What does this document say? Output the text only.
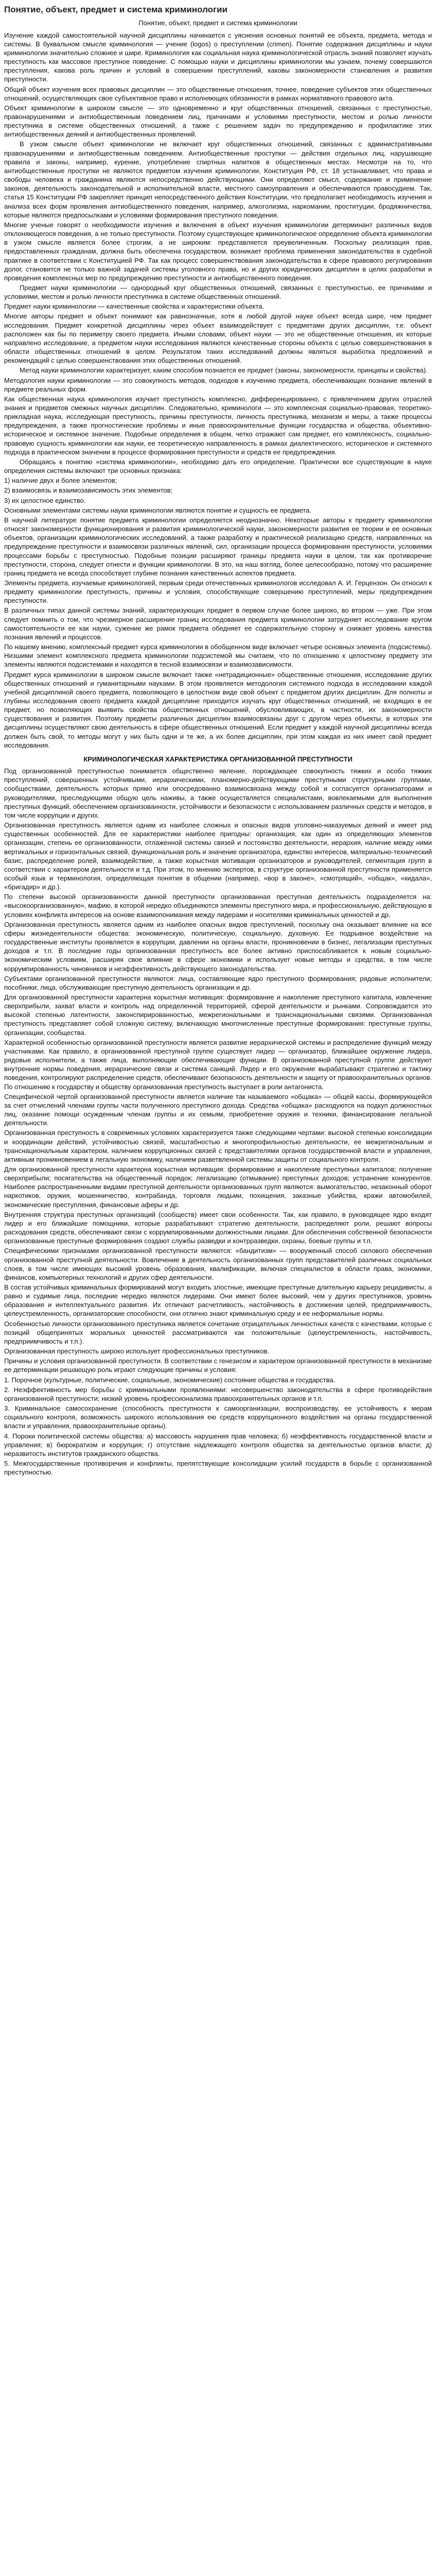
Понятие, объект, предмет и система криминологии
Понятие, объект, предмет и система криминологии
Изучение каждой самостоятельной научной дисциплины начинается с уяснения основных понятий ее объекта, предмета, метода и системы. В буквальном смысле криминология — учение (logos) о преступлении (crimen). Понятие содержания дисциплины и науки криминологии значительно сложнее и шире. Криминология как социальная наука криминологической отрасль знаний позволяет изучать преступность как массовое преступное поведение. С помощью науки и дисциплины криминологии мы узнаем, почему совершаются преступления, какова роль причин и условий в совершении преступлений, каковы закономерности становления и развития преступности.
Общий объект изучения всех правовых дисциплин — это общественные отношения, точнее, поведение субъектов этих общественных отношений, осуществляющих свое субъективное право и исполняющих обязанности в рамках нормативного правового акта.
Объект криминологии в широком смысле — это одновременно и круг общественных отношений, связанных с преступностью, правонарушениями и антиобщественным поведением лиц, причинами и условиями преступности, местом и ролью личности преступника в системе общественных отношений, а также с решением задач по предупреждению и профилактике этих антиобщественных деяний и антиобщественных проявлений.
В узком смысле объект криминологии не включает круг общественных отношений, связанных с административными правонарушениями и антиобщественным поведением. Антиобщественные проступки — действия отдельных лиц, нарушающие правила и законы, например, курение, употребление спиртных напитков в общественных местах. Несмотря на то, что антиобщественные проступки не являются предметом изучения криминологии, Конституция РФ, ст. 18 устанавливает, что права и свободы человека и гражданина являются непосредственно действующими. Они определяют смысл, содержание и применение законов, деятельность законодательной и исполнительной власти, местного самоуправления и обеспечиваются правосудием. Так, статья 15 Конституции РФ закрепляет принцип непосредственного действия Конституции, что предполагает необходимость изучения и анализа всех форм проявления антиобщественного поведения, например, алкоголизма, наркомании, проституции, бродяжничества, которые являются предпосылками и условиями формирования преступного поведения.
Многие ученые говорят о необходимости изучения и включения в объект изучения криминологии детерминант различных видов отклоняющегося поведения, а не только преступности. Поэтому существующее криминологическое определение объекта криминологии в узком смысле является более строгим, а не широким: представляется преувеличенным. Поскольку реализация прав, предоставленных гражданам, должна быть обеспечена государством, возникает проблема применения законодательства в судебной практике в соответствии с Конституцией РФ. Так как процесс совершенствования законодательства в сфере правового регулирования долог, становится не только важной задачей системы уголовного права, но и других юридических дисциплин в целях разработки и проведения комплексных мер по предупреждению преступности и антиобщественного поведения.
Предмет науки криминологии — однородный круг общественных отношений, связанных с преступностью, ее причинами и условиями, местом и ролью личности преступника в системе общественных отношений.
Предмет науки криминологии — качественные свойства и характеристики объекта.
Многие авторы предмет и объект понимают как равнозначные, хотя в любой другой науке объект всегда шире, чем предмет исследования. Предмет конкретной дисциплины через объект взаимодействует с предметами других дисциплин, т.е. объект расположен как бы по периметру своего предмета. Иными словами, объект науки — это не общественные отношения, их которые направлено исследование, а предметом науки исследования являются качественные стороны объекта с целью совершенствования в области общественных отношений в целом. Результатом таких исследований должны являться выработка предложений и рекомендаций с целью совершенствования этих общественных отношений.
Метод науки криминологии характеризует, каким способом познается ее предмет (законы, закономерности, принципы и свойства).
Методология науки криминологии — это совокупность методов, подходов к изучению предмета, обеспечивающих познание явлений в предмете реальных форм.
Как общественная наука криминология изучает преступность комплексно, дифференцированно, с привлечением других отраслей знания и предметов смежных научных дисциплин. Следовательно, криминологи — это комплексная социально-правовая, теоретико-прикладная наука, исследующая преступность, причины преступности, личность преступника, механизм и меры, а также процессы предупреждения, а также прогностические проблемы и иные правоохранительные функции государства и общества, объективно-историческое и системное значение. Подобные определения в общем, четко отражают сам предмет, его комплексность, социально-правовую сущность криминологии как науки, ее теоретическую направленность в рамках диалектического, историческое и системного подхода в практическом значении в процессе формирования преступности и средств ее предупреждения.
Обращаясь к понятию «система криминологии», необходимо дать его определение. Практически все существующие в науке определения системы включают три основных признака:
1) наличие двух и более элементов;
2) взаимосвязь и взаимозависимость этих элементов;
3) их целостное единство.
Основными элементами системы науки криминологии являются понятие и сущность ее предмета.
В научной литературе понятие предмета криминологии определяется неоднозначно. Некоторые авторы к предмету криминологии относят закономерности функционирования и развития криминологической науки, закономерности развития ее теории и ее основных объектов, организации криминологических исследований, а также разработку и практической реализацию средств, направленных на предупреждение преступности и взаимосвязи различных явлений, сил, организации процесса формирования преступности, условиями процессами борьбы с преступностью. Подобные позиции расширяют границы предмета науки в целом, так как противоречие преступности, сторона, следует отнести и функции криминологии. В это, на наш взгляд, более целесообразно, потому что расширение границ предмета не всегда способствует глубине познания качественных аспектов предмета.
Элементы предмета, изучаемые криминологией, первым среди отечественных криминологов исследовал А. И. Герцензон. Он относил к предмету криминологии преступность, причины и условия, способствующие совершению преступлений, меры предупреждения преступности.
В различных типах данной системы знаний, характеризующих предмет в первом случае более широко, во втором — уже. При этом следует помнить о том, что чрезмерное расширение границ исследования предмета криминологии затрудняет исследование кругом самостоятельности ее как науки, сужение же рамок предмета обедняет ее содержательную сторону и снижает уровень качества познания явлений и процессов.
По нашему мнению, комплексный предмет курса криминологии в обобщенном виде включает четыре основных элемента (подсистемы). Низшими элемент комплексного предмета криминологии подсистемой мы считаем, что по отношению к целостному предмету эти элементы являются подсистемами и находятся в тесной взаимосвязи и взаимозависимости.
Предмет курса криминологии в широком смысле включает также «нетрадиционные» общественные отношения, исследование других общественных отношений и гуманитарными науками. В этом проявляется методология системного подхода в исследовании каждой учебной дисциплиной своего предмета, позволяющего в целостном виде свой объект с предметом других дисциплин. Для полноты и глубины исследования своего предмета каждой дисциплине приходится изучать круг общественных отношений, не входящих в ее предмет, но позволяющих выявить свойства общественных отношений, обусловливающих, в частности, их закономерности существования и развития. Поэтому предметы различных дисциплин взаимосвязаны друг с другом через объекты, в которых эти дисциплины осуществляют свою деятельность в сфере общественных отношений. Если предмет у каждой научной дисциплины всегда должен быть свой, то методы могут у них быть одни и те же, а их более дисциплин, при этом каждая из них имеет свой предмет исследования.
КРИМИНОЛОГИЧЕСКАЯ ХАРАКТЕРИСТИКА ОРГАНИЗОВАННОЙ ПРЕСТУПНОСТИ
Под организованной преступностью понимается общественно явление, порождающее совокупность тяжких и особо тяжких преступлений, совершенных устойчивыми, иерархическими, планомерно-действующими преступными структурными группами, сообществами, деятельность которых прямо или опосредованно взаимосвязана между собой и согласуется организаторами и руководителями, преследующими общую цель наживы, а также осуществляется специалистами, вовлекаемыми для выполнения преступных функций, обеспечением организованности, устойчивости и безопасности с использованием различных средств и методов, в том числе коррупции и других.
Организованная преступность является одним из наиболее сложных и опасных видов уголовно-наказуемых деяний и имеет ряд существенных особенностей. Для ее характеристики наиболее пригодны: организация, как один из определяющих элементов организации, степень ее организованности, отлаженной системы связей и постоянство деятельности, иерархия, наличие между ними вертикальных и горизонтальных связей, функциональная роль и значение организатора, единство интересов, материально-технический базис, распределение ролей, взаимодействие, а также корыстная мотивация организаторов и руководителей, сегментация групп в соответствии с характером деятельности и т.д. При этом, по мнению экспертов, в структуре организованной преступности применяется особый язык и терминология, определяющая понятия в общении (например, «вор в законе», «смотрящий», «общак», «кидала», «бригадир» и др.).
По степени высокой организованности данной преступности организованная преступная деятельность подразделяется на: «высокоорганизованную», мафию, в которой нередко объединяются элементы преступного мира, и профессиональную, действующую в условиях конфликта интересов на основе взаимопонимания между лидерами и носителями криминальных ценностей и др.
Организованная преступность является одним из наиболее опасных видов преступлений, поскольку она оказывает влияние на все сферы жизнедеятельности общества: экономическую, политическую, социальную, духовную. Ее подрывное воздействие на государственные институты проявляется в коррупции, давлении на органы власти, проникновении в бизнес, легализации преступных доходов и т.п. В последние годы организованная преступность все более активно приспосабливается к новым социально-экономическим условиям, расширяя свое влияние в сфере экономики и использует новые методы и средства, в том числе коррумпированность чиновников и неэффективность действующего законодательства.
Субъектами организованной преступности являются: лица, составляющие ядро преступного формирования; рядовые исполнители; пособники; лица, обслуживающие преступную деятельность организации и др.
Для организованной преступности характерна корыстная мотивация: формирование и накопление преступного капитала, извлечение сверхприбыли, захват власти и контроль над определенной территорией, сферой деятельности и рынками. Сопровождается это высокой степенью латентности, законспирированностью, межрегиональными и транснациональными связями. Организованная преступность представляет собой сложную систему, включающую многочисленные преступные формирования: преступные группы, организации, сообщества.
Характерной особенностью организованной преступности является развитие иерархической системы и распределение функций между участниками. Как правило, в организованной преступной группе существует лидер — организатор, ближайшее окружение лидера, рядовые исполнители, а также лица, выполняющие обеспечивающие функции. В организованной преступной группе действуют внутренние нормы поведения, иерархические связи и система санкций. Лидер и его окружение вырабатывают стратегию и тактику поведения, контролируют распределение средств, обеспечивают безопасность деятельности и защиту от правоохранительных органов. По отношению к государству и обществу организованная преступность выступает в роли антагониста.
Специфической чертой организованной преступности является наличие так называемого «общака» — общей кассы, формирующейся за счет отчислений членами группы части полученного преступного дохода. Средства «общака» расходуются на подкуп должностных лиц, оказание помощи осужденным членам группы и их семьям, приобретение оружия и техники, финансирование легальной деятельности.
Организованная преступность в современных условиях характеризуется также следующими чертами: высокой степенью консолидации и координации действий, устойчивостью связей, масштабностью и многопрофильностью деятельности, ее межрегиональным и транснациональным характером, наличием коррупционных связей с представителями органов государственной власти и управления, активным проникновением в легальную экономику, наличием разветвленной системы защиты от социального контроля.
Для организованной преступности характерна корыстная мотивация: формирование и накопление преступных капиталов; получение сверхприбыли; посягательства на общественный порядок; легализацию (отмывание) преступных доходов; устранение конкурентов. Наиболее распространенными видами преступной деятельности организованных групп являются: вымогательство, незаконный оборот наркотиков, оружия, мошенничество, контрабанда, торговля людьми, похищения, заказные убийства, кражи автомобилей, экономические преступления, финансовые аферы и др.
Внутренняя структура преступных организаций (сообществ) имеет свои особенности. Так, как правило, в руководящее ядро входят лидер и его ближайшие помощники, которые разрабатывают стратегию деятельности, распределяют роли, решают вопросы расходования средств, обеспечивают связи с коррумпированными должностными лицами. Для обеспечения собственной безопасности организованные преступные формирования создают службы разведки и контрразведки, охраны, боевые группы и т.п.
Специфическими признаками организованной преступности являются: «бандитизм» — вооруженный способ силового обеспечения организованной преступной деятельности. Вовлечение в деятельность организованных групп представителей различных социальных слоев, в том числе имеющих высокий уровень образования, квалификации, включая специалистов в области права, экономики, финансов, компьютерных технологий и других сфер деятельности.
В состав устойчивых криминальных формирований могут входить злостные, имеющие преступные длительную карьеру рецидивисты, а равно и судимые лица, последние нередко являются лидерами. Они имеют более высокий, чем у других преступников, уровень образования и интеллектуального развития. Их отличают расчетливость, настойчивость в достижении целей, предприимчивость, целеустремленность, организаторские способности, они отлично знают криминальную среду и ее неформальные нормы.
Особенностью личности организованного преступника является сочетание отрицательных личностных качеств с качествами, которые с позиций общепринятых моральных ценностей рассматриваются как положительные (целеустремленность, настойчивость, предприимчивость и т.п.).
Организованная преступность широко использует профессиональных преступников.
Причины и условия организованной преступности. В соответствии с генезисом и характером организованной преступности в механизме ее детерминации решающую роль играют следующие причины и условия:
1. Порочное (культурные, политические, социальные, экономические) состояние общества и государства.
2. Неэффективность мер борьбы с криминальными проявлениями: несовершенство законодательства в сфере противодействия организованной преступности; низкий уровень профессионализма правоохранительных органов и т.п.
3. Криминальное самосохранение (способность преступности к самоорганизации, воспроизводству, ее устойчивость к мерам социального контроля, возможность широкого использования ею средств коррупционного воздействия на органы государственной власти и управления, правоохранительные органы).
4. Пороки политической системы общества: а) массовость нарушения прав человека; б) неэффективность государственной власти и управления; в) бюрократизм и коррупция; г) отсутствие надлежащего контроля общества за деятельностью органов власти; д) неразвитость институтов гражданского общества.
5. Межгосударственные противоречия и конфликты, препятствующие консолидации усилий государств в борьбе с организованной преступностью.
